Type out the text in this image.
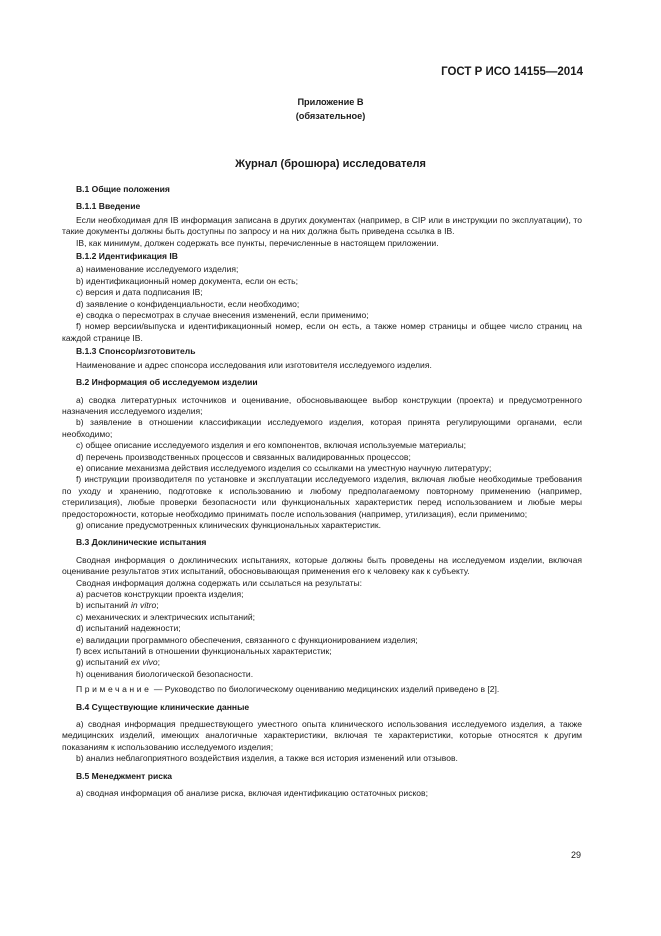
ГОСТ Р ИСО 14155—2014
Приложение В
(обязательное)
Журнал (брошюра) исследователя

В.1 Общие положения

В.1.1 Введение

Если необходимая для IB информация записана в других документах (например, в CIP или в инструкции по эксплуатации), то такие документы должны быть доступны по запросу и на них должна быть приведена ссылка в IB.

IB, как минимум, должен содержать все пункты, перечисленные в настоящем приложении.

В.1.2 Идентификация IB

a) наименование исследуемого изделия;

b) идентификационный номер документа, если он есть;

c) версия и дата подписания IB;

d) заявление о конфиденциальности, если необходимо;

e) сводка о пересмотрах в случае внесения изменений, если применимо;

f) номер версии/выпуска и идентификационный номер, если он есть, а также номер страницы и общее число страниц на каждой странице IB.

В.1.3 Спонсор/изготовитель

Наименование и адрес спонсора исследования или изготовителя исследуемого изделия.

В.2 Информация об исследуемом изделии

a) сводка литературных источников и оценивание, обосновывающее выбор конструкции (проекта) и предусмотренного назначения исследуемого изделия;

b) заявление в отношении классификации исследуемого изделия, которая принята регулирующими органами, если необходимо;

c) общее описание исследуемого изделия и его компонентов, включая используемые материалы;

d) перечень производственных процессов и связанных валидированных процессов;

e) описание механизма действия исследуемого изделия со ссылками на уместную научную литературу;

f) инструкции производителя по установке и эксплуатации исследуемого изделия, включая любые необходимые требования по уходу и хранению, подготовке к использованию и любому предполагаемому повторному применению (например, стерилизация), любые проверки безопасности или функциональных характеристик перед использованием и любые меры предосторожности, которые необходимо принимать после использования (например, утилизация), если применимо;

g) описание предусмотренных клинических функциональных характеристик.

В.3 Доклинические испытания

Сводная информация о доклинических испытаниях, которые должны быть проведены на исследуемом изделии, включая оценивание результатов этих испытаний, обосновывающая применения его к человеку как к субъекту.

Сводная информация должна содержать или ссылаться на результаты:

a) расчетов конструкции проекта изделия;

b) испытаний in vitro;

c) механических и электрических испытаний;

d) испытаний надежности;

e) валидации программного обеспечения, связанного с функционированием изделия;

f) всех испытаний в отношении функциональных характеристик;

g) испытаний ex vivo;

h) оценивания биологической безопасности.

Примечание — Руководство по биологическому оцениванию медицинских изделий приведено в [2].

В.4 Существующие клинические данные

a) сводная информация предшествующего уместного опыта клинического использования исследуемого изделия, а также медицинских изделий, имеющих аналогичные характеристики, включая те характеристики, которые относятся к другим показаниям к использованию исследуемого изделия;

b) анализ неблагоприятного воздействия изделия, а также вся история изменений или отзывов.

В.5 Менеджмент риска

a) сводная информация об анализе риска, включая идентификацию остаточных рисков;

29
